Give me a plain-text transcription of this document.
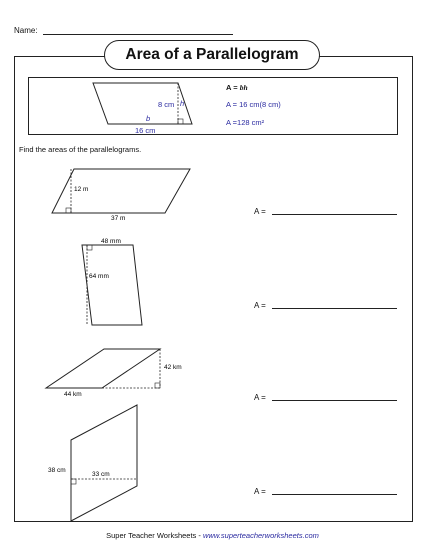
Name:
Area of a Parallelogram
8 cm h
b
16 cm
A = bh
A = 16 cm(8 cm)
A =128 cm²
Find the areas of the parallelograms.
12 m
37 m
48 mm
64 mm
42 km
44 km
33 cm
38 cm
A =
A =
A =
A =
Super Teacher Worksheets - www.superteacherworksheets.com
